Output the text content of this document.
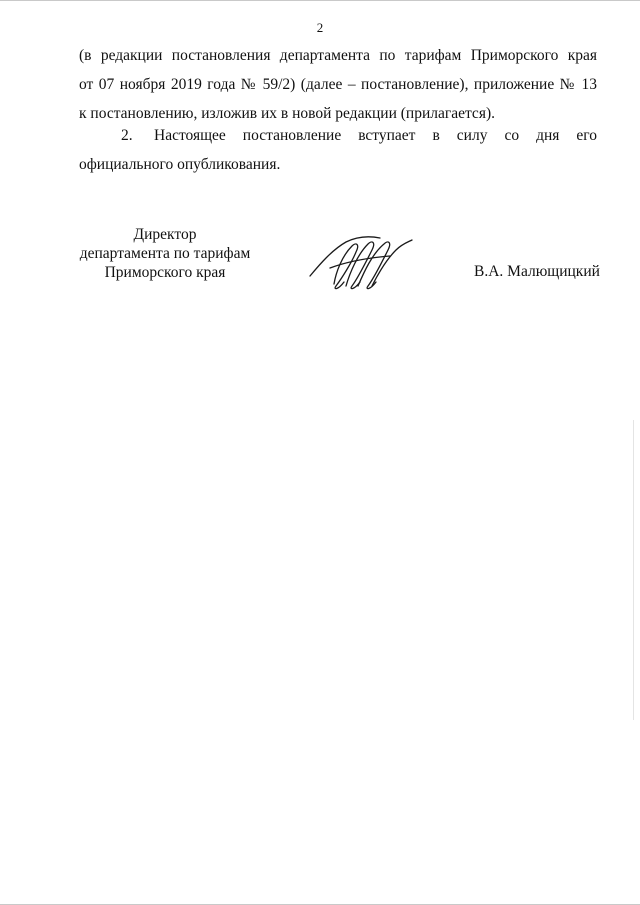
2
(в редакции постановления департамента по тарифам Приморского края
от 07 ноября 2019 года № 59/2) (далее – постановление), приложение № 13
к постановлению, изложив их в новой редакции (прилагается).
2. Настоящее постановление вступает в силу со дня его официального опубликования.
Директор
департамента по тарифам
Приморского края	В.А. Малющицкий
